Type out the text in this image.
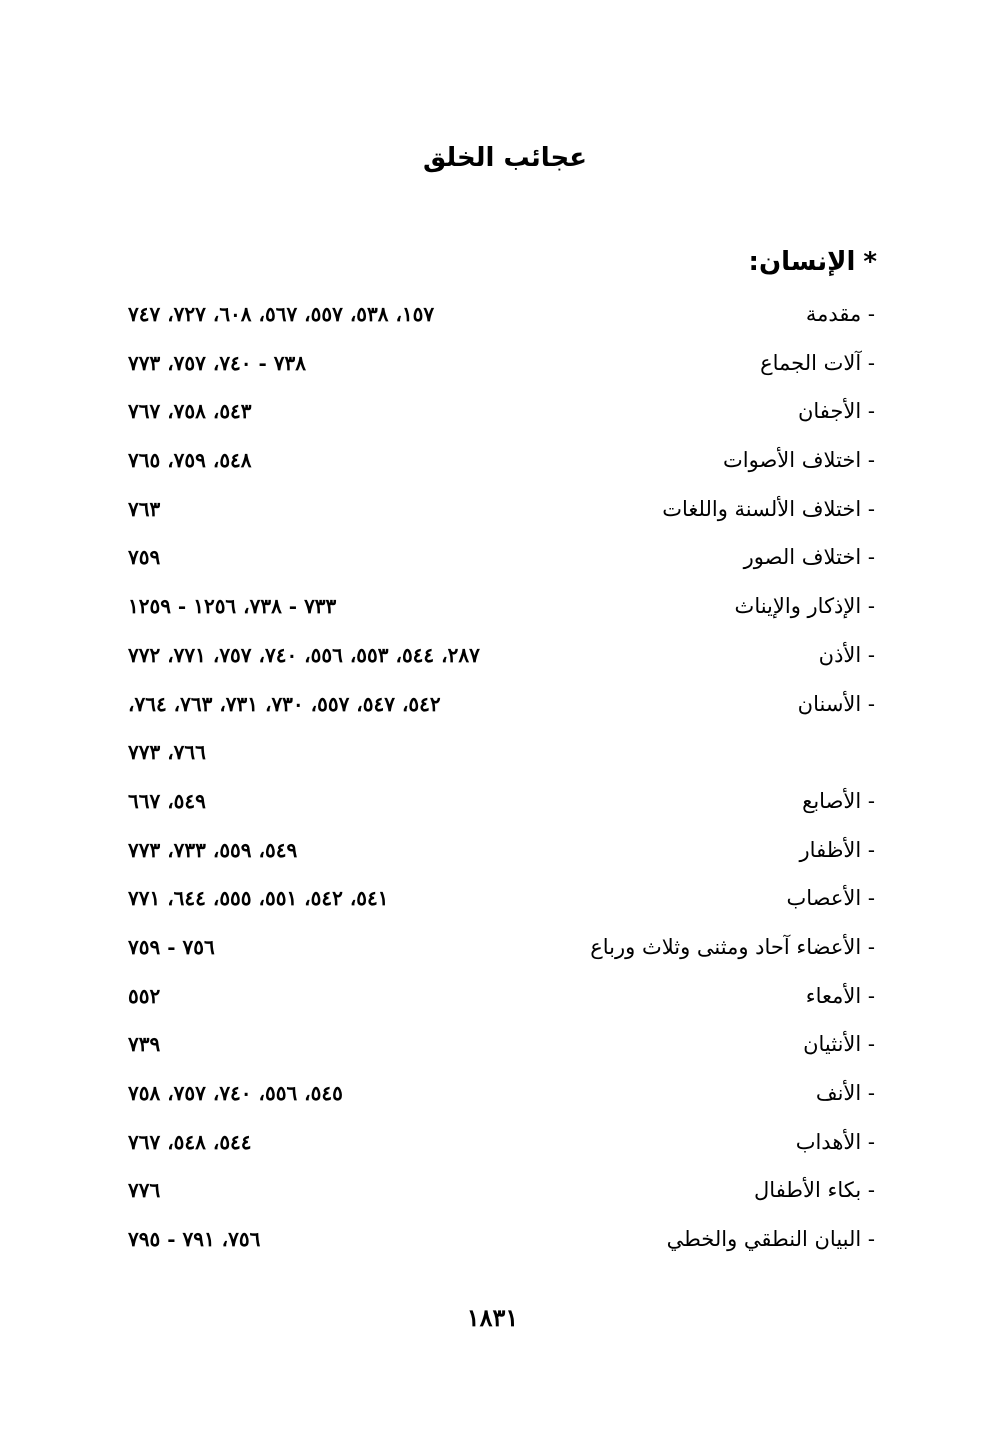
عجائب الخلق
*الإنسان:
- مقدمة
١٥٧، ٥٣٨، ٥٥٧، ٥٦٧، ٦٠٨، ٧٢٧، ٧٤٧
- آلات الجماع
٧٣٨ - ٧٤٠، ٧٥٧، ٧٧٣
- الأجفان
٥٤٣، ٧٥٨، ٧٦٧
- اختلاف الأصوات
٥٤٨، ٧٥٩، ٧٦٥
- اختلاف الألسنة واللغات
٧٦٣
- اختلاف الصور
٧٥٩
- الإذكار والإيناث
٧٣٣ - ٧٣٨، ١٢٥٦ - ١٢٥٩
- الأذن
٢٨٧، ٥٤٤، ٥٥٣، ٥٥٦، ٧٤٠، ٧٥٧، ٧٧١، ٧٧٢
- الأسنان
٥٤٢، ٥٤٧، ٥٥٧، ٧٣٠، ٧٣١، ٧٦٣، ٧٦٤،
٧٦٦، ٧٧٣
- الأصابع
٥٤٩، ٦٦٧
- الأظفار
٥٤٩، ٥٥٩، ٧٣٣، ٧٧٣
- الأعصاب
٥٤١، ٥٤٢، ٥٥١، ٥٥٥، ٦٤٤، ٧٧١
- الأعضاء آحاد ومثنى وثلاث ورباع
٧٥٦ - ٧٥٩
- الأمعاء
٥٥٢
- الأنثيان
٧٣٩
- الأنف
٥٤٥، ٥٥٦، ٧٤٠، ٧٥٧، ٧٥٨
- الأهداب
٥٤٤، ٥٤٨، ٧٦٧
- بكاء الأطفال
٧٧٦
- البيان النطقي والخطي
٧٥٦، ٧٩١ - ٧٩٥
١٨٣١
